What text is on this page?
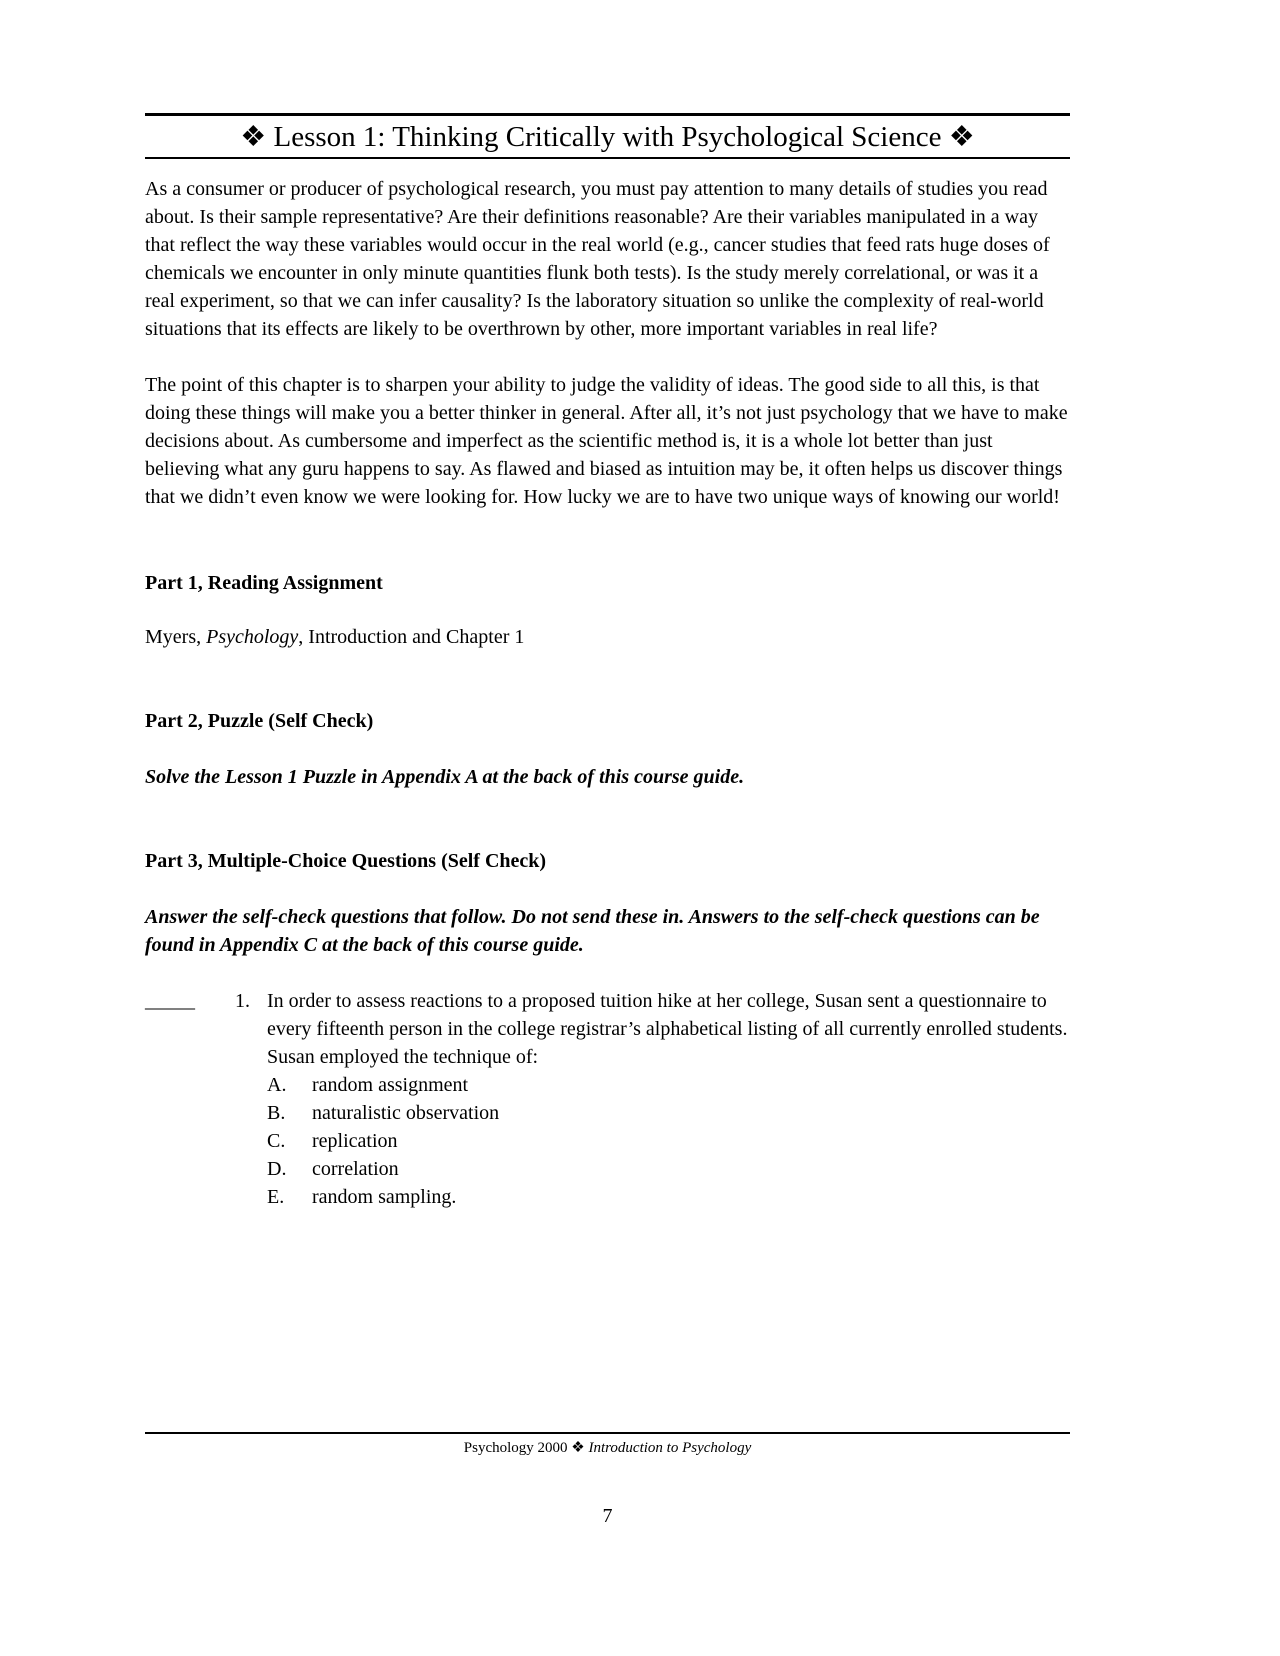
❖ Lesson 1: Thinking Critically with Psychological Science ❖

As a consumer or producer of psychological research, you must pay attention to many details of studies you read about. Is their sample representative? Are their definitions reasonable? Are their variables manipulated in a way that reflect the way these variables would occur in the real world (e.g., cancer studies that feed rats huge doses of chemicals we encounter in only minute quantities flunk both tests). Is the study merely correlational, or was it a real experiment, so that we can infer causality? Is the laboratory situation so unlike the complexity of real-world situations that its effects are likely to be overthrown by other, more important variables in real life?

The point of this chapter is to sharpen your ability to judge the validity of ideas. The good side to all this, is that doing these things will make you a better thinker in general. After all, it’s not just psychology that we have to make decisions about. As cumbersome and imperfect as the scientific method is, it is a whole lot better than just believing what any guru happens to say. As flawed and biased as intuition may be, it often helps us discover things that we didn’t even know we were looking for. How lucky we are to have two unique ways of knowing our world!

Part 1, Reading Assignment

Myers, Psychology, Introduction and Chapter 1

Part 2, Puzzle (Self Check)

Solve the Lesson 1 Puzzle in Appendix A at the back of this course guide.

Part 3, Multiple-Choice Questions (Self Check)

Answer the self-check questions that follow. Do not send these in. Answers to the self-check questions can be found in Appendix C at the back of this course guide.

_____ 1. In order to assess reactions to a proposed tuition hike at her college, Susan sent a questionnaire to every fifteenth person in the college registrar’s alphabetical listing of all currently enrolled students. Susan employed the technique of:
A.	random assignment
B.	naturalistic observation
C.	replication
D.	correlation
E.	random sampling.
Psychology 2000 ❖ Introduction to Psychology
7
